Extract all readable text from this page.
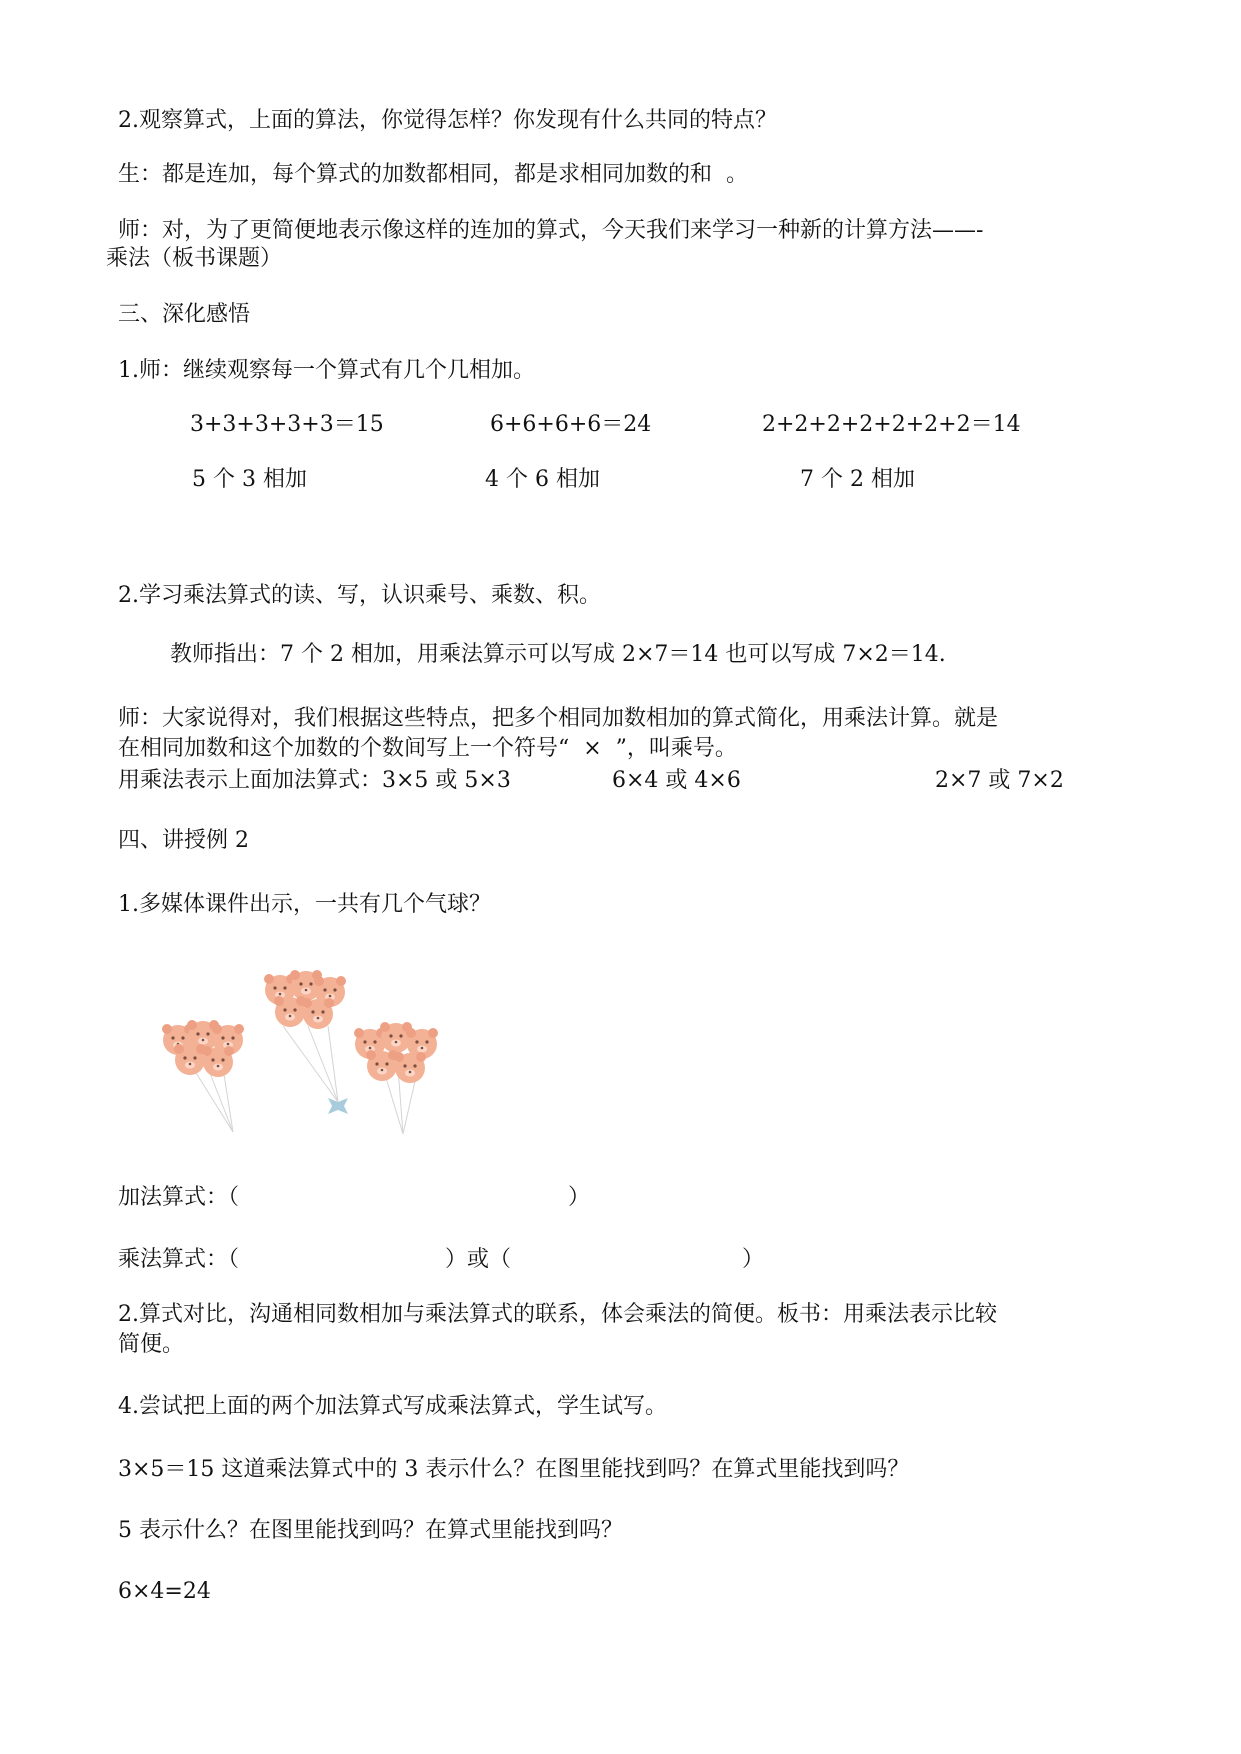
2.观察算式，上面的算法，你觉得怎样？你发现有什么共同的特点？
生：都是连加，每个算式的加数都相同，都是求相同加数的和  。
师：对，为了更简便地表示像这样的连加的算式，今天我们来学习一种新的计算方法——-
乘法（板书课题）
三、深化感悟
1.师：继续观察每一个算式有几个几相加。
3+3+3+3+3＝15	6+6+6+6＝24	2+2+2+2+2+2+2＝14
5 个 3 相加	4 个 6 相加	7 个 2 相加
2.学习乘法算式的读、写，认识乘号、乘数、积。
教师指出：7 个 2 相加，用乘法算示可以写成 2×7＝14 也可以写成 7×2＝14.
师：大家说得对，我们根据这些特点，把多个相同加数相加的算式简化，用乘法计算。就是
在相同加数和这个加数的个数间写上一个符号“  ×  ”，叫乘号。
用乘法表示上面加法算式：3×5 或 5×3	6×4 或 4×6	2×7 或 7×2
四、讲授例 2
1.多媒体课件出示，一共有几个气球？
加法算式：（	）
乘法算式：（	）或（	）
2.算式对比，沟通相同数相加与乘法算式的联系，体会乘法的简便。板书：用乘法表示比较
简便。
4.尝试把上面的两个加法算式写成乘法算式，学生试写。
3×5＝15 这道乘法算式中的 3 表示什么？在图里能找到吗？在算式里能找到吗？
5 表示什么？在图里能找到吗？在算式里能找到吗？
6×4=24
